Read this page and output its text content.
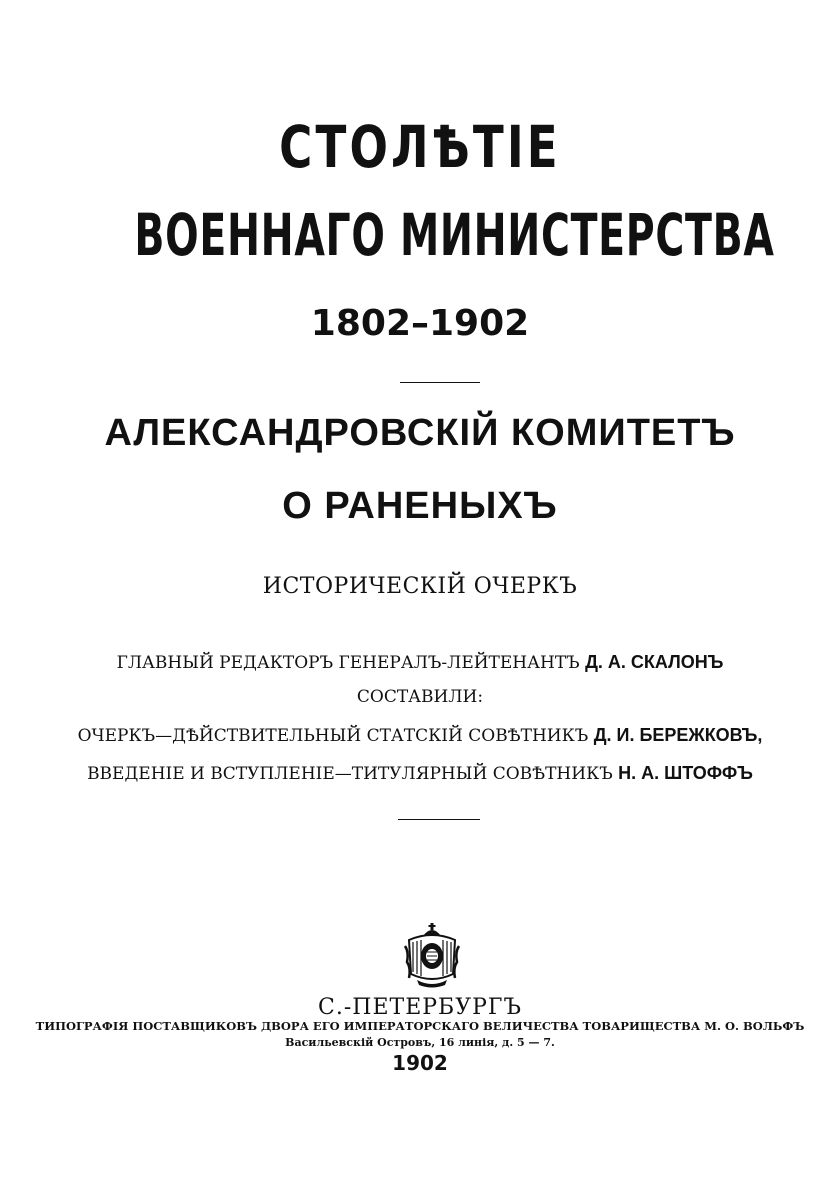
СТОЛѢТІЕ
ВОЕННАГО МИНИСТЕРСТВА
1802–1902
АЛЕКСАНДРОВСКІЙ КОМИТЕТЪ
О РАНЕНЫХЪ
ИСТОРИЧЕСКІЙ ОЧЕРКЪ
ГЛАВНЫЙ РЕДАКТОРЪ ГЕНЕРАЛЪ-ЛЕЙТЕНАНТЪ Д. А. СКАЛОНЪ
СОСТАВИЛИ:
ОЧЕРКЪ—ДѢЙСТВИТЕЛЬНЫЙ СТАТСКІЙ СОВѢТНИКЪ Д. И. БЕРЕЖКОВЪ,
ВВЕДЕНІЕ И ВСТУПЛЕНІЕ—ТИТУЛЯРНЫЙ СОВѢТНИКЪ Н. А. ШТОФФЪ
С.-ПЕТЕРБУРГЪ
ТИПОГРАФІЯ ПОСТАВЩИКОВЪ ДВОРА ЕГО ИМПЕРАТОРСКАГО ВЕЛИЧЕСТВА ТОВАРИЩЕСТВА М. О. ВОЛЬФЪ
Васильевскій Островъ, 16 линія, д. 5 — 7.
1902
